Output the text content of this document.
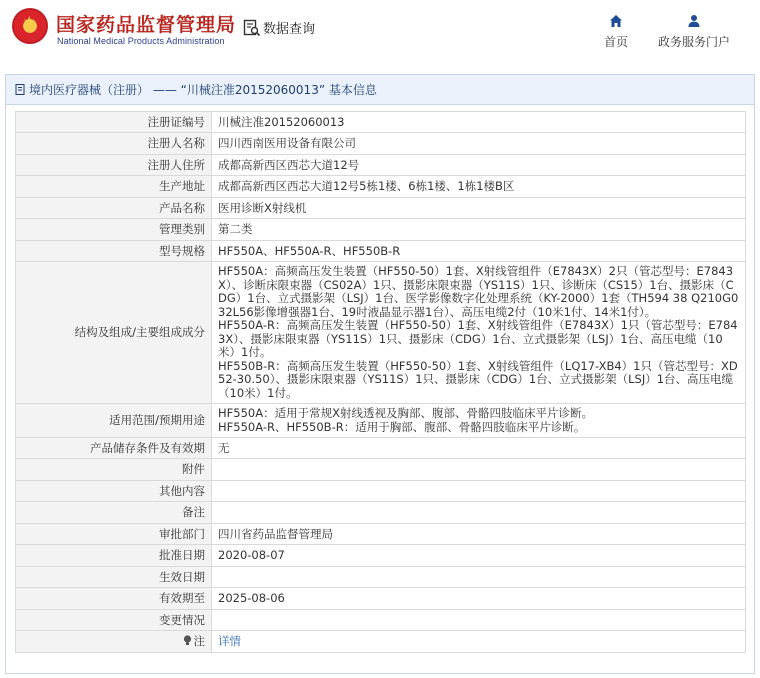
★ 国家药品监督管理局
National Medical Products Administration
数据查询
首页 政务服务门户
境内医疗器械（注册） —— “川械注准20152060013” 基本信息
注册证编号	川械注准20152060013
注册人名称	四川西南医用设备有限公司
注册人住所	成都高新西区西芯大道12号
生产地址	成都高新西区西芯大道12号5栋1楼、6栋1楼、1栋1楼B区
产品名称	医用诊断X射线机
管理类别	第二类
型号规格	HF550A、HF550A-R、HF550B-R
结构及组成/主要组成成分	HF550A：高频高压发生装置（HF550-50）1套、X射线管组件（E7843X）2只（管芯型号：E7843X）、诊断床限束器（CS02A）1只、摄影床限束器（YS11S）1只、诊断床（CS15）1台、摄影床（CDG）1台、立式摄影架（LSJ）1台、医学影像数字化处理系统（KY-2000）1套（TH594 38 Q210G032L56影像增强器1台、19吋液晶显示器1台）、高压电缆2付（10米1付、14米1付）。
HF550A-R：高频高压发生装置（HF550-50）1套、X射线管组件（E7843X）1只（管芯型号：E7843X）、摄影床限束器（YS11S）1只、摄影床（CDG）1台、立式摄影架（LSJ）1台、高压电缆（10米）1付。
HF550B-R：高频高压发生装置（HF550-50）1套、X射线管组件（LQ17-XB4）1只（管芯型号：XD52-30.50）、摄影床限束器（YS11S）1只、摄影床（CDG）1台、立式摄影架（LSJ）1台、高压电缆（10米）1付。
适用范围/预期用途	HF550A：适用于常规X射线透视及胸部、腹部、骨骼四肢临床平片诊断。
HF550A-R、HF550B-R：适用于胸部、腹部、骨骼四肢临床平片诊断。
产品储存条件及有效期	无
附件	
其他内容	
备注	
审批部门	四川省药品监督管理局
批准日期	2020-08-07
生效日期	
有效期至	2025-08-06
变更情况	
注	详情
